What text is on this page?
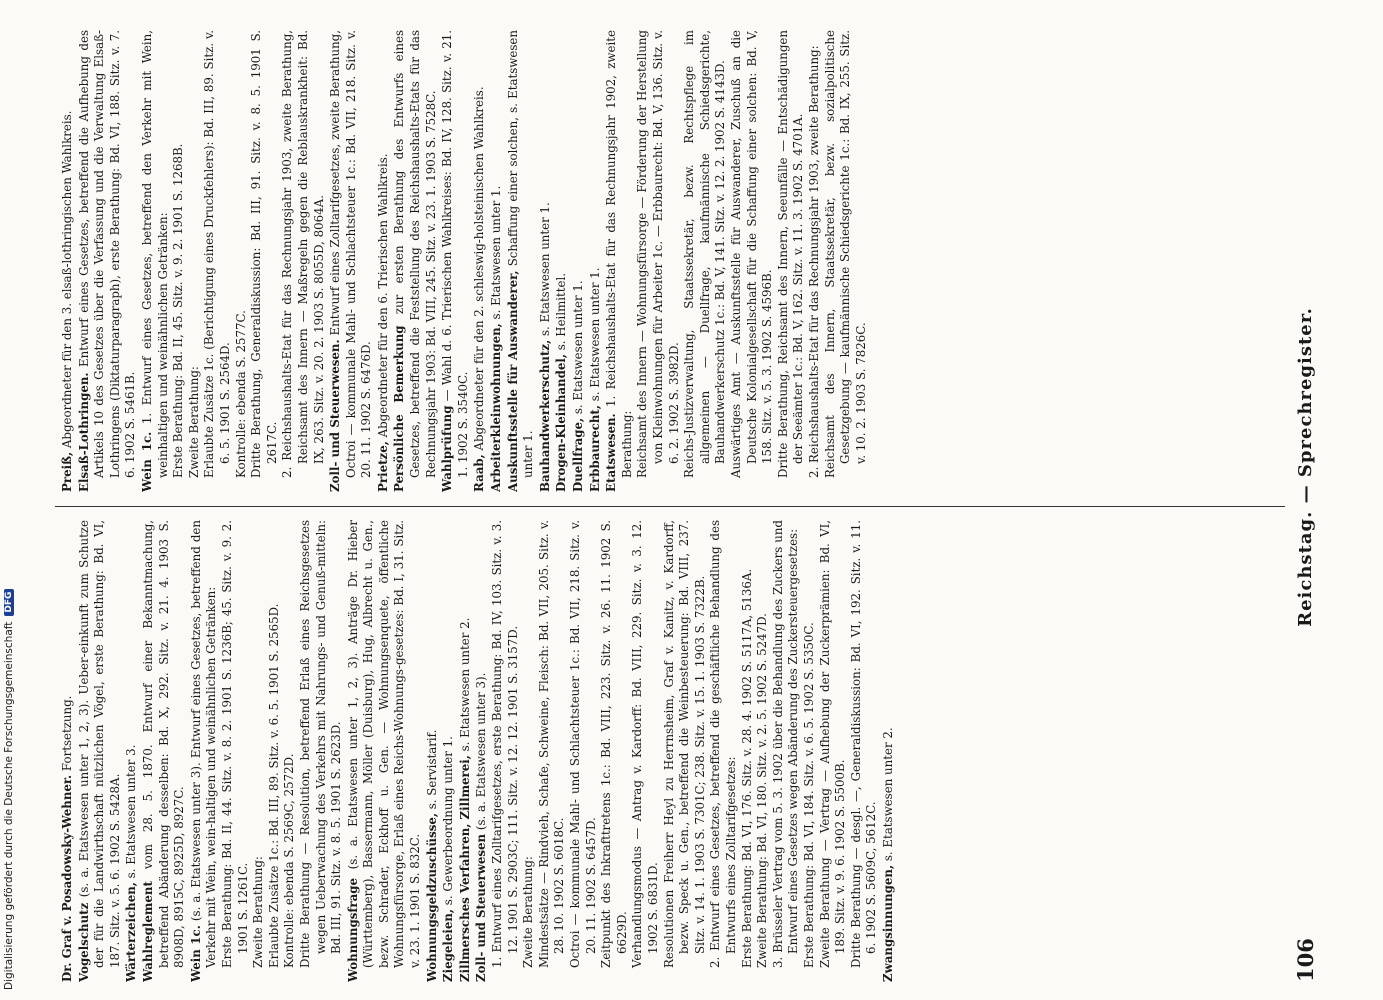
106
Reichstag. — Sprechregister.

Dr. Graf v. Posadowsky-Wehner. Fortsetzung.

Vogelschutz (s. a. Etatswesen unter 1, 2, 3). Ueber-einkunft zum Schutze der für die Landwirthschaft nützlichen Vögel, erste Berathung: Bd. VI, 187. Sitz. v. 5. 6. 1902 S. 5428A. Wärterzeichen, s. Etatswesen unter 3.

Wahlreglement vom 28. 5. 1870. Entwurf einer Bekanntmachung, betreffend Abänderung desselben: Bd. X, 292. Sitz. v. 21. 4. 1903 S. 8908D, 8915C, 8925D, 8927C. Wein 1c. (s. a. Etatswesen unter 3). Entwurf eines Gesetzes, betreffend den Verkehr mit Wein, wein-haltigen und weinähnlichen Getränken: Erste Berathung: Bd. II, 44. Sitz. v. 8. 2. 1901 S. 1236B; 45. Sitz. v. 9. 2. 1901 S. 1261C. Zweite Berathung: Erlaubte Zusätze 1c.: Bd. III, 89. Sitz. v. 6. 5. 1901 S. 2565D. Kontrolle: ebenda S. 2569C, 2572D. Dritte Berathung — Resolution, betreffend Erlaß eines Reichsgesetzes wegen Ueberwachung des Verkehrs mit Nahrungs- und Genuß-mitteln: Bd. III, 91. Sitz. v. 8. 5. 1901 S. 2623D. Wohnungsfrage (s. a. Etatswesen unter 1, 2, 3). Anträge Dr. Hieber (Württemberg), Bassermann, Möller (Duisburg), Hug, Albrecht u. Gen., bezw. Schrader, Eckhoff u. Gen. — Wohnungsenquete, öffentliche Wohnungsfürsorge, Erlaß eines Reichs-Wohnungs-gesetzes: Bd. I, 31. Sitz. v. 23. 1. 1901 S. 832C. Wohnungsgeldzuschüsse, s. Servistarif.

Ziegeleien, s. Gewerbeordnung unter 1. Zillmersches Verfahren, Zillmerei, s. Etatswesen unter 2.

Zoll- und Steuerwesen (s. a. Etatswesen unter 3). 1. Entwurf eines Zolltarifgesetzes, erste Berathung: Bd. IV, 103. Sitz. v. 3. 12. 1901 S. 2903C; 111. Sitz. v. 12. 12. 1901 S. 3157D. Zweite Berathung: Mindestsätze — Rindvieh, Schafe, Schweine, Fleisch: Bd. VII, 205. Sitz. v. 28. 10. 1902 S. 6018C. Octroi — kommunale Mahl- und Schlachtsteuer 1c.: Bd. VII, 218. Sitz. v. 20. 11. 1902 S. 6457D. Zeitpunkt des Inkrafttretens 1c.: Bd. VIII, 223. Sitz. v. 26. 11. 1902 S. 6629D. Verhandlungsmodus — Antrag v. Kardorff: Bd. VIII, 229. Sitz. v. 3. 12. 1902 S. 6831D. Resolutionen Freiherr Heyl zu Herrnsheim, Graf v. Kanitz, v. Kardorff, bezw. Speck u. Gen., betreffend die Weinbesteuerung: Bd. VIII, 237. Sitz. v. 14. 1. 1903 S. 7301C; 238. Sitz. v. 15. 1. 1903 S. 7322B. 2. Entwurf eines Gesetzes, betreffend die geschäftliche Behandlung des Entwurfs eines Zolltarifgesetzes: Erste Berathung: Bd. VI, 176. Sitz. v. 28. 4. 1902 S. 5117A, 5136A. Zweite Berathung: Bd. VI, 180. Sitz. v. 2. 5. 1902 S. 5247D. 3. Brüsseler Vertrag vom 5. 3. 1902 über die Behandlung des Zuckers und Entwurf eines Gesetzes wegen Abänderung des Zuckersteuergesetzes: Erste Berathung: Bd. VI, 184. Sitz. v. 6. 5. 1902 S. 5350C. Zweite Berathung — Vertrag — Aufhebung der Zuckerprämien: Bd. VI, 189. Sitz. v. 9. 6. 1902 S. 5500B. Dritte Berathung — desgl. —, Generaldiskussion: Bd. VI, 192. Sitz. v. 11. 6. 1902 S. 5609C, 5612C. Zwangsinnungen, s. Etatswesen unter 2.

Preiß, Abgeordneter für den 3. elsaß-lothringischen Wahlkreis. Elsaß-Lothringen. Entwurf eines Gesetzes, betreffend die Aufhebung des Artikels 10 des Gesetzes über die Verfassung und die Verwaltung Elsaß-Lothringens (Diktaturparagraph), erste Berathung: Bd. VI, 188. Sitz. v. 7. 6. 1902 S. 5461B. Wein 1c. 1. Entwurf eines Gesetzes, betreffend den Verkehr mit Wein, weinhaltigen und weinähnlichen Getränken: Erste Berathung: Bd. II, 45. Sitz. v. 9. 2. 1901 S. 1268B. Zweite Berathung: Erlaubte Zusätze 1c. (Berichtigung eines Druckfehlers): Bd. III, 89. Sitz. v. 6. 5. 1901 S. 2564D. Kontrolle: ebenda S. 2577C. Dritte Berathung, Generaldiskussion: Bd. III, 91. Sitz. v. 8. 5. 1901 S. 2617C. 2. Reichshaushalts-Etat für das Rechnungsjahr 1903, zweite Berathung, Reichsamt des Innern — Maßregeln gegen die Reblauskrankheit: Bd. IX, 263. Sitz. v. 20. 2. 1903 S. 8055D, 8064A. Zoll- und Steuerwesen. Entwurf eines Zolltarifgesetzes, zweite Berathung, Octroi — kommunale Mahl- und Schlachtsteuer 1c.: Bd. VII, 218. Sitz. v. 20. 11. 1902 S. 6476D. Prietze, Abgeordneter für den 6. Trierischen Wahlkreis. Persönliche Bemerkung zur ersten Berathung des Entwurfs eines Gesetzes, betreffend die Feststellung des Reichshaushalts-Etats für das Rechnungsjahr 1903: Bd. VIII, 245. Sitz. v. 23. 1. 1903 S. 7528C. Wahlprüfung — Wahl d. 6. Trierischen Wahlkreises: Bd. IV, 128. Sitz. v. 21. 1. 1902 S. 3540C. Raab, Abgeordneter für den 2. schleswig-holsteinischen Wahlkreis. Arbeiterkleinwohnungen, s. Etatswesen unter 1.

Auskunftsstelle für Auswanderer, Schaffung einer solchen, s. Etatswesen unter 1. Bauhandwerkerschutz, s. Etatswesen unter 1.

Drogen-Kleinhandel, s. Heilmittel.

Duellfrage, s. Etatswesen unter 1.

Erbbaurecht, s. Etatswesen unter 1.

Etatswesen. 1. Reichshaushalts-Etat für das Rechnungsjahr 1902, zweite Berathung: Reichsamt des Innern — Wohnungsfürsorge — Förderung der Herstellung von Kleinwohnungen für Arbeiter 1c. — Erbbaurecht: Bd. V, 136. Sitz. v. 6. 2. 1902 S. 3982D. Reichs-Justizverwaltung, Staatssekretär, bezw. Rechtspflege im allgemeinen — Duellfrage, kaufmännische Schiedsgerichte, Bauhandwerkerschutz 1c.: Bd. V, 141. Sitz. v. 12. 2. 1902 S. 4143D. Auswärtiges Amt — Auskunftsstelle für Auswanderer, Zuschuß an die Deutsche Kolonialgesellschaft für die Schaffung einer solchen: Bd. V, 158. Sitz. v. 5. 3. 1902 S. 4596B. Dritte Berathung, Reichsamt des Innern, Seeunfälle — Entschädigungen der Seeämter 1c.: Bd. V, 162. Sitz. v. 11. 3. 1902 S. 4701A. 2. Reichshaushalts-Etat für das Rechnungsjahr 1903, zweite Berathung: Reichsamt des Innern, Staatssekretär, bezw. sozialpolitische Gesetzgebung — kaufmännische Schiedsgerichte 1c.: Bd. IX, 255. Sitz. v. 10. 2. 1903 S. 7826C.

Digitalisierung gefördert durch die Deutsche Forschungsgemeinschaft
DFG
